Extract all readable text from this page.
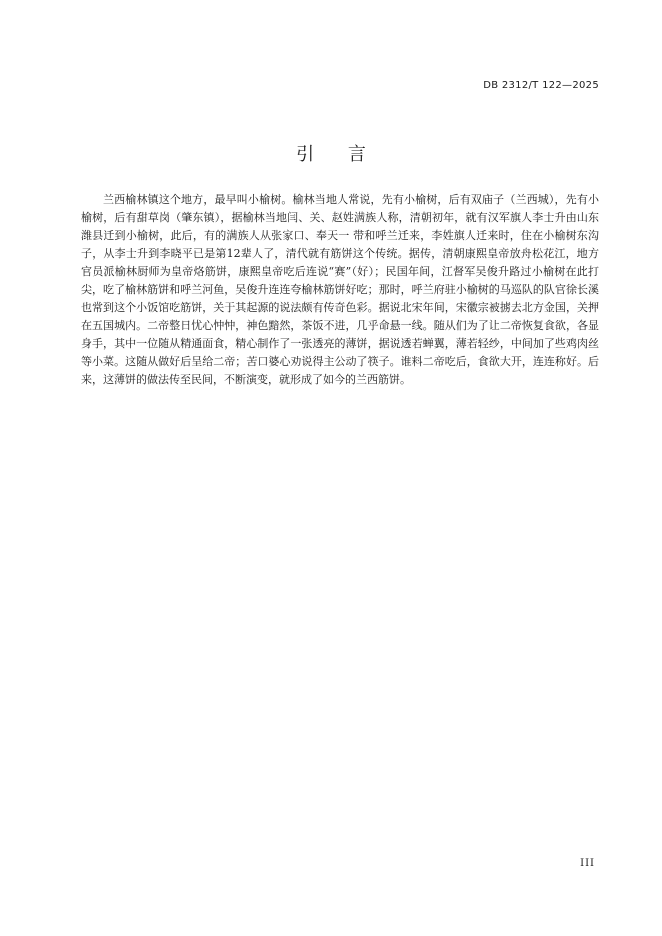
DB 2312/T 122—2025
引 言

兰西榆林镇这个地方，最早叫小榆树。榆林当地人常说，先有小榆树，后有双庙子（兰西城），先有小榆树，后有甜草岗（肇东镇），据榆林当地闫、关、赵姓满族人称，清朝初年，就有汉军旗人李士升由山东潍县迁到小榆树，此后，有的满族人从张家口、奉天一 带和呼兰迁来，李姓旗人迁来时，住在小榆树东沟子，从李士升到李晓平已是第12辈人了，清代就有筋饼这个传统。据传，清朝康熙皇帝放舟松花江，地方官员派榆林厨师为皇帝烙筋饼，康熙皇帝吃后连说“赛”（好）；民国年间，江督军吴俊升路过小榆树在此打尖，吃了榆林筋饼和呼兰河鱼，吴俊升连连夸榆林筋饼好吃；那时，呼兰府驻小榆树的马巡队的队官徐长溪也常到这个小饭馆吃筋饼，关于其起源的说法颇有传奇色彩。据说北宋年间，宋徽宗被掳去北方金国，关押在五国城内。二帝整日忧心忡忡，神色黯然，茶饭不进，几乎命悬一线。随从们为了让二帝恢复食欲，各显身手，其中一位随从精通面食，精心制作了一张透亮的薄饼，据说透若蝉翼，薄若轻纱，中间加了些鸡肉丝等小菜。这随从做好后呈给二帝；苦口婆心劝说得主公动了筷子。谁料二帝吃后，食欲大开，连连称好。后来，这薄饼的做法传至民间，不断演变，就形成了如今的兰西筋饼。

III
